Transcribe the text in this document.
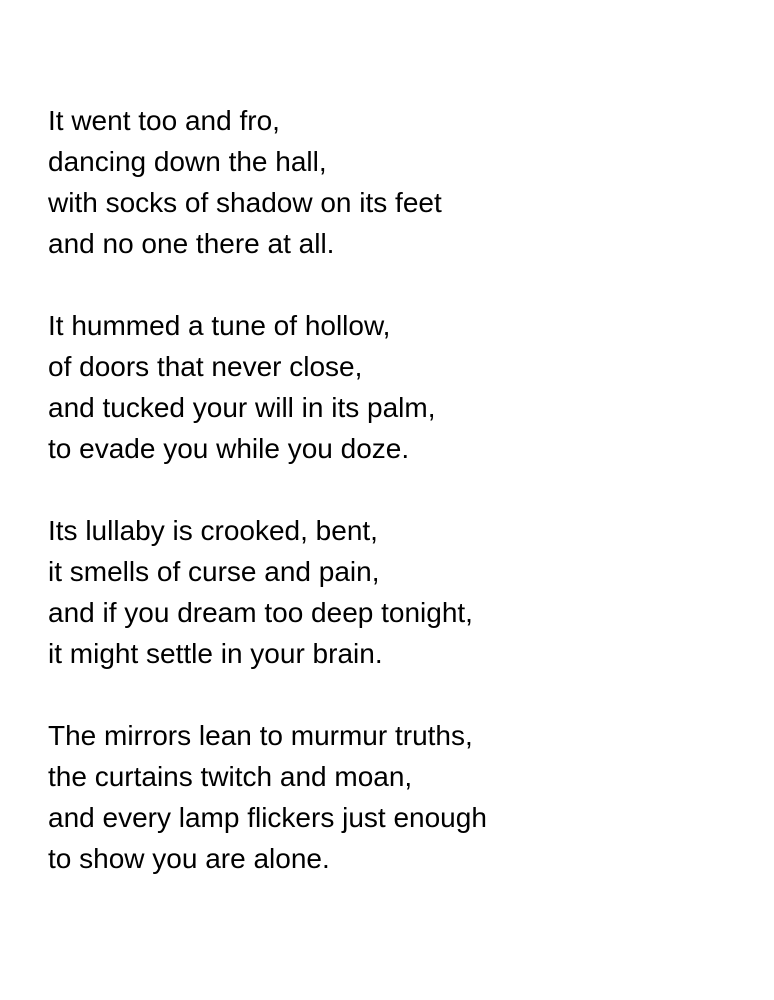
It went too and fro,
dancing down the hall,
with socks of shadow on its feet
and no one there at all.
It hummed a tune of hollow,
of doors that never close,
and tucked your will in its palm,
to evade you while you doze.
Its lullaby is crooked, bent,
it smells of curse and pain,
and if you dream too deep tonight,
it might settle in your brain.
The mirrors lean to murmur truths,
the curtains twitch and moan,
and every lamp flickers just enough
to show you are alone.
